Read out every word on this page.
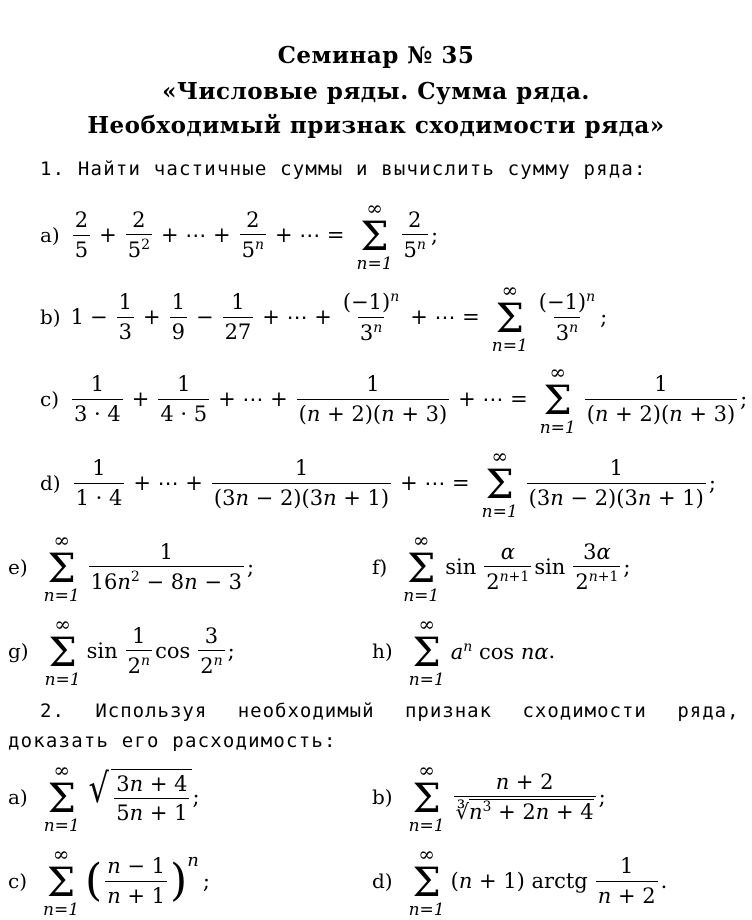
Семинар № 35
«Числовые ряды. Сумма ряда.
Необходимый признак сходимости ряда»
1. Найти частичные суммы и вычислить сумму ряда:
$a) \frac{2}{5} + \frac{2}{5^2}$ + ⋯ + $\frac{2}{5^n}$ + ⋯ =
∞
Σ
n=1
$\frac{2}{5^n}$ ;
b) $1 - \frac{1}{3} + \frac{1}{9} - \frac{1}{27}$ + ⋯ + $\frac{(-1)^n}{3^n}$ + ⋯ =
∞
Σ
n=1
$\frac{(-1)^n}{3^n}$ ;
$c) \frac{1}{3 \cdot 4} + \frac{1}{4 \cdot 5}$ + ⋯ + $\frac{1}{(n + 2)(n + 3)}$ + ⋯ =
∞
Σ
n=1
$\frac{1}{(n + 2)(n + 3)}$ ;
$d) \frac{1}{1 \cdot 4}$ + ⋯ + $\frac{1}{(3n - 2)(3n + 1)}$ + ⋯ =
∞
Σ
n=1
$\frac{1}{(3n - 2)(3n + 1)}$ ;
e)
∞
Σ
n=1
$\frac{1}{16n^2 - 8n - 3}$ ;	f)
∞
Σ
n=1
$\sin \frac{\alpha}{2^{n+1}}$ $\sin \frac{3\alpha}{2^{n+1}}$ ;
g)
∞
Σ
n=1
$\sin \frac{1}{2^n}$ $\cos \frac{3}{2^n}$ ;	h)
∞
Σ
n=1
$a^n$ cos nα .
2. Используя необходимый признак сходимости ряда,
доказать его расходимость:
a)
∞
Σ
n=1
√ $\frac{3n + 4}{5n + 1}$ ;	b)
∞
Σ
n=1
$\frac{n + 2}{∛n^3 + 2n + 4}$ ;
c)
∞
Σ
n=1
( $\frac{n - 1}{n + 1}$ ) n
;	d)
∞
Σ
n=1
(n + 1) arctg $\frac{1}{n + 2}$ .
